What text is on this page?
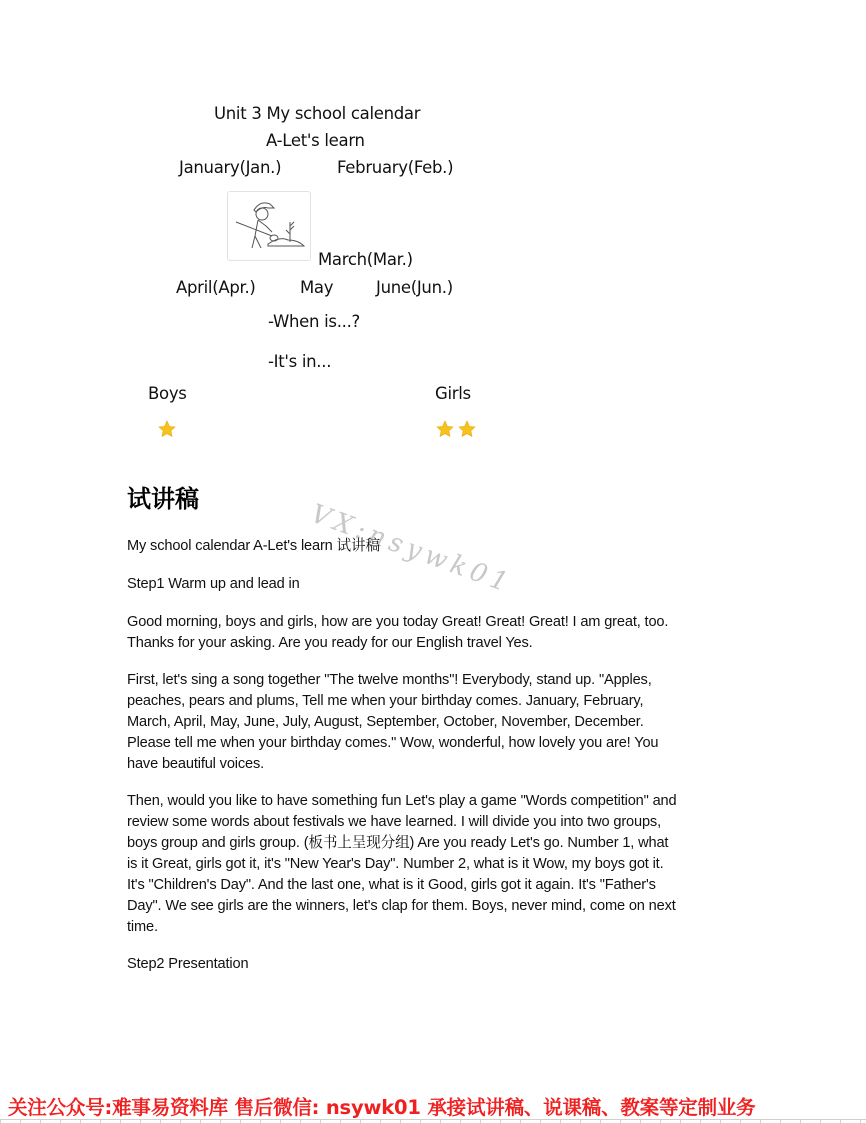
Unit 3 My school calendar
A-Let's learn
January(Jan.)	February(Feb.)
March(Mar.)
April(Apr.)	May	June(Jun.)
-When is...?
-It's in...
Boys	Girls
试讲稿	VX:nsywk01
My school calendar A-Let's learn 试讲稿
Step1 Warm up and lead in
Good morning, boys and girls, how are you today Great! Great! Great! I am great, too.
Thanks for your asking. Are you ready for our English travel Yes.
First, let's sing a song together "The twelve months"! Everybody, stand up. "Apples,
peaches, pears and plums, Tell me when your birthday comes. January, February,
March, April, May, June, July, August, September, October, November, December.
Please tell me when your birthday comes." Wow, wonderful, how lovely you are! You
have beautiful voices.
Then, would you like to have something fun Let's play a game "Words competition" and
review some words about festivals we have learned. I will divide you into two groups,
boys group and girls group. (板书上呈现分组) Are you ready Let's go. Number 1, what
is it Great, girls got it, it's "New Year's Day". Number 2, what is it Wow, my boys got it.
It's "Children's Day". And the last one, what is it Good, girls got it again. It's "Father's
Day". We see girls are the winners, let's clap for them. Boys, never mind, come on next
time.
Step2 Presentation
关注公众号:难事易资料库 售后微信: nsywk01 承接试讲稿、说课稿、教案等定制业务
